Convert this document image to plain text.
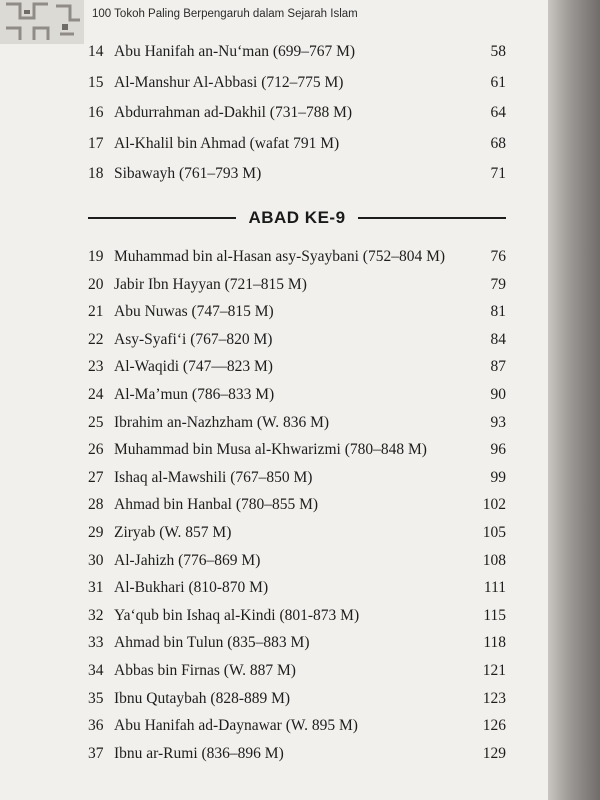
100 Tokoh Paling Berpengaruh dalam Sejarah Islam
14 Abu Hanifah an-Nu‘man (699–767 M)	58
15 Al-Manshur Al-Abbasi (712–775 M)	61
16 Abdurrahman ad-Dakhil (731–788 M)	64
17 Al-Khalil bin Ahmad (wafat 791 M)	68
18 Sibawayh (761–793 M)	71
ABAD KE-9
19 Muhammad bin al-Hasan asy-Syaybani (752–804 M)	76
20 Jabir Ibn Hayyan (721–815 M)	79
21 Abu Nuwas (747–815 M)	81
22 Asy-Syafi‘i (767–820 M)	84
23 Al-Waqidi (747—823 M)	87
24 Al-Ma’mun (786–833 M)	90
25 Ibrahim an-Nazhzham (W. 836 M)	93
26 Muhammad bin Musa al-Khwarizmi (780–848 M)	96
27 Ishaq al-Mawshili (767–850 M)	99
28 Ahmad bin Hanbal (780–855 M)	102
29 Ziryab (W. 857 M)	105
30 Al-Jahizh (776–869 M)	108
31 Al-Bukhari (810-870 M)	111
32 Ya‘qub bin Ishaq al-Kindi (801-873 M)	115
33 Ahmad bin Tulun (835–883 M)	118
34 Abbas bin Firnas (W. 887 M)	121
35 Ibnu Qutaybah (828-889 M)	123
36 Abu Hanifah ad-Daynawar (W. 895 M)	126
37 Ibnu ar-Rumi (836–896 M)	129
